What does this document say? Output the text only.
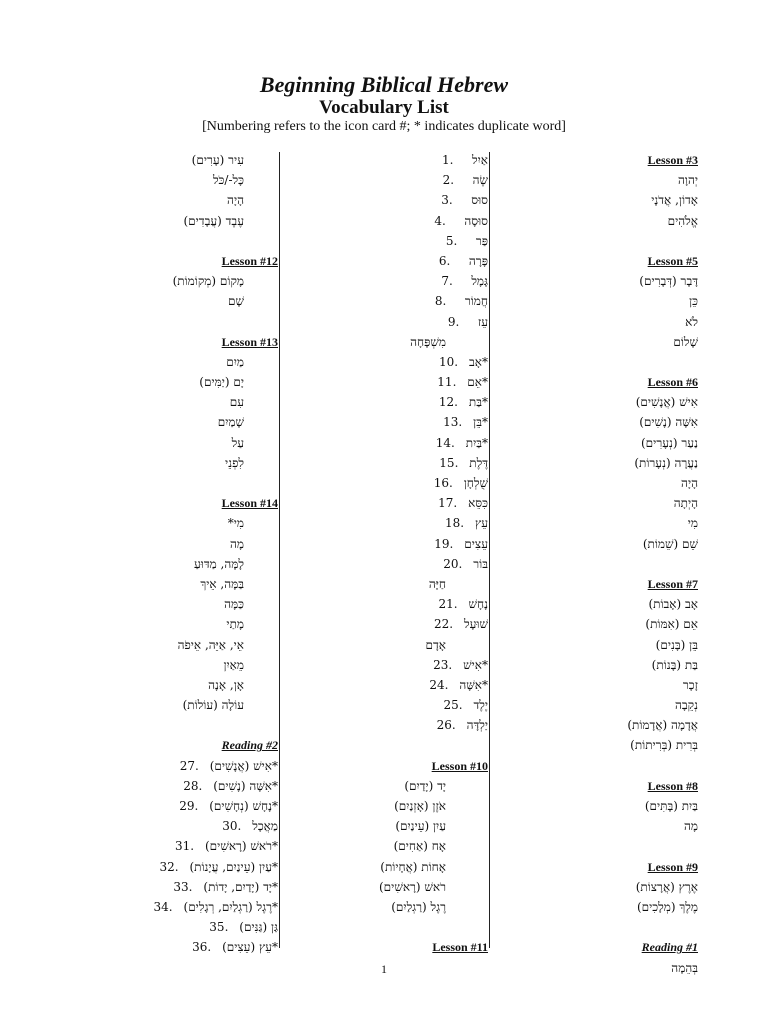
Beginning Biblical Hebrew
Vocabulary List
[Numbering refers to the icon card #; * indicates duplicate word]
עִיר (עָרִים)
כָּל-/כֹּל
הָיָה
עֶבֶד (עֲבָדִים)
Lesson #12
מָקוֹם (מְקוֹמוֹת)
שָׁם
Lesson #13
מַיִם
יָם (יַמִּים)
עִם
שָׁמַיִם
עַל
לִפְנֵי
Lesson #14
מִי*
מָה
לָמָּה, מַדּוּעַ
בַּמָּה, אֵיךְ
כַּמָּה
מָתַי
אֵי, אַיֵּה, אֵיפֹה
מֵאַיִן
אָן, אָנָה
עוֹלָה (עוֹלוֹת)
Reading #2
*אִישׁ (אֲנָשִׁים)27.
*אִשָּׁה (נָשִׁים)28.
*נָחָשׁ (נְחָשִׁים)29.
מַאֲכָל30.
*רֹאשׁ (רָאשִׁים)31.
*עַיִן (עֵינַיִם, עֲיָנוֹת)32.
*יָד (יָדַיִם, יָדוֹת)33.
*רֶגֶל (רַגְלַיִם, רְגָלִים)34.
גַּן (גַּנִּים)35.
*עֵץ (עֵצִים)36.
אַיִל1.
שֶׂה2.
סוּס3.
סוּסָה4.
פַּר5.
פָּרָה6.
גָּמָל7.
חֲמוֹר8.
עֵז9.
מִשְׁפָּחָה
*אָב10.
*אֵם11.
*בַּת12.
*בֵּן13.
*בַּיִת14.
דֶּלֶת15.
שֻׁלְחָן16.
כִּסֵּא17.
עֵץ18.
עֵצִים19.
בּוֹר20.
חַיָּה
נָחָשׁ21.
שׁוּעָל22.
אָדָם
*אִישׁ23.
*אִשָּׁה24.
יֶלֶד25.
יַלְדָּה26.
Lesson #10
יָד (יָדַיִם)
אֹזֶן (אָזְנַיִם)
עַיִן (עֵינַיִם)
אָח (אַחִים)
אָחוֹת (אֲחָיוֹת)
רֹאשׁ (רָאשִׁים)
רֶגֶל (רַגְלַיִם)
Lesson #11
Lesson #3
יְהוָה
אָדוֹן, אֲדֹנָי
אֱלֹהִים
Lesson #5
דָּבָר (דְּבָרִים)
כֵּן
לֹא
שָׁלוֹם
Lesson #6
אִישׁ (אֲנָשִׁים)
אִשָּׁה (נָשִׁים)
נַעַר (נְעָרִים)
נַעֲרָה (נְעָרוֹת)
הָיָה
הָיְתָה
מִי
שֵׁם (שֵׁמוֹת)
Lesson #7
אָב (אָבוֹת)
אֵם (אִמּוֹת)
בֵּן (בָּנִים)
בַּת (בָּנוֹת)
זָכָר
נְקֵבָה
אֲדָמָה (אֲדָמוֹת)
בְּרִית (בְּרִיתוֹת)
Lesson #8
בַּיִת (בָּתִּים)
מָה
Lesson #9
אֶרֶץ (אֲרָצוֹת)
מֶלֶךְ (מְלָכִים)
Reading #1
בְּהֵמָה
1
